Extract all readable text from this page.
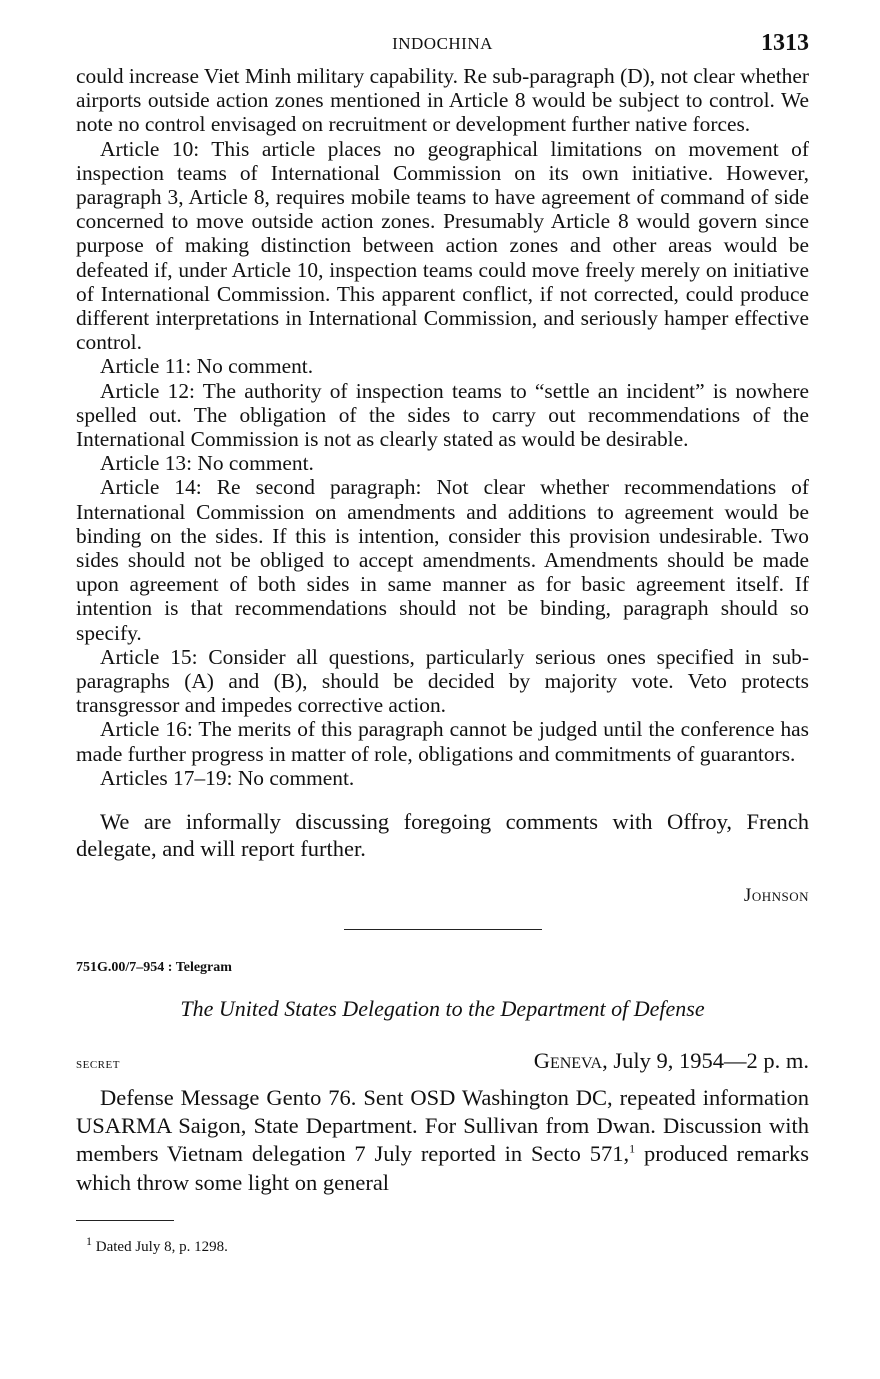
INDOCHINA	1313

could increase Viet Minh military capability. Re sub-paragraph (D), not clear whether airports outside action zones mentioned in Article 8 would be subject to control. We note no control envisaged on recruitment or development further native forces.

Article 10: This article places no geographical limitations on movement of inspection teams of International Commission on its own initiative. However, paragraph 3, Article 8, requires mobile teams to have agreement of command of side concerned to move outside action zones. Presumably Article 8 would govern since purpose of making distinction between action zones and other areas would be defeated if, under Article 10, inspection teams could move freely merely on initiative of International Commission. This apparent conflict, if not corrected, could produce different interpretations in International Commission, and seriously hamper effective control.

Article 11: No comment.

Article 12: The authority of inspection teams to “settle an incident” is nowhere spelled out. The obligation of the sides to carry out recommendations of the International Commission is not as clearly stated as would be desirable.

Article 13: No comment.

Article 14: Re second paragraph: Not clear whether recommendations of International Commission on amendments and additions to agreement would be binding on the sides. If this is intention, consider this provision undesirable. Two sides should not be obliged to accept amendments. Amendments should be made upon agreement of both sides in same manner as for basic agreement itself. If intention is that recommendations should not be binding, paragraph should so specify.

Article 15: Consider all questions, particularly serious ones specified in sub-paragraphs (A) and (B), should be decided by majority vote. Veto protects transgressor and impedes corrective action.

Article 16: The merits of this paragraph cannot be judged until the conference has made further progress in matter of role, obligations and commitments of guarantors.

Articles 17–19: No comment.

We are informally discussing foregoing comments with Offroy, French delegate, and will report further.

Johnson
751G.00/7–954 : Telegram
The United States Delegation to the Department of Defense
secret	Geneva, July 9, 1954—2 p. m.

Defense Message Gento 76. Sent OSD Washington DC, repeated information USARMA Saigon, State Department. For Sullivan from Dwan. Discussion with members Vietnam delegation 7 July reported in Secto 571,$^1$ produced remarks which throw some light on general

$^1$ Dated July 8, p. 1298.
